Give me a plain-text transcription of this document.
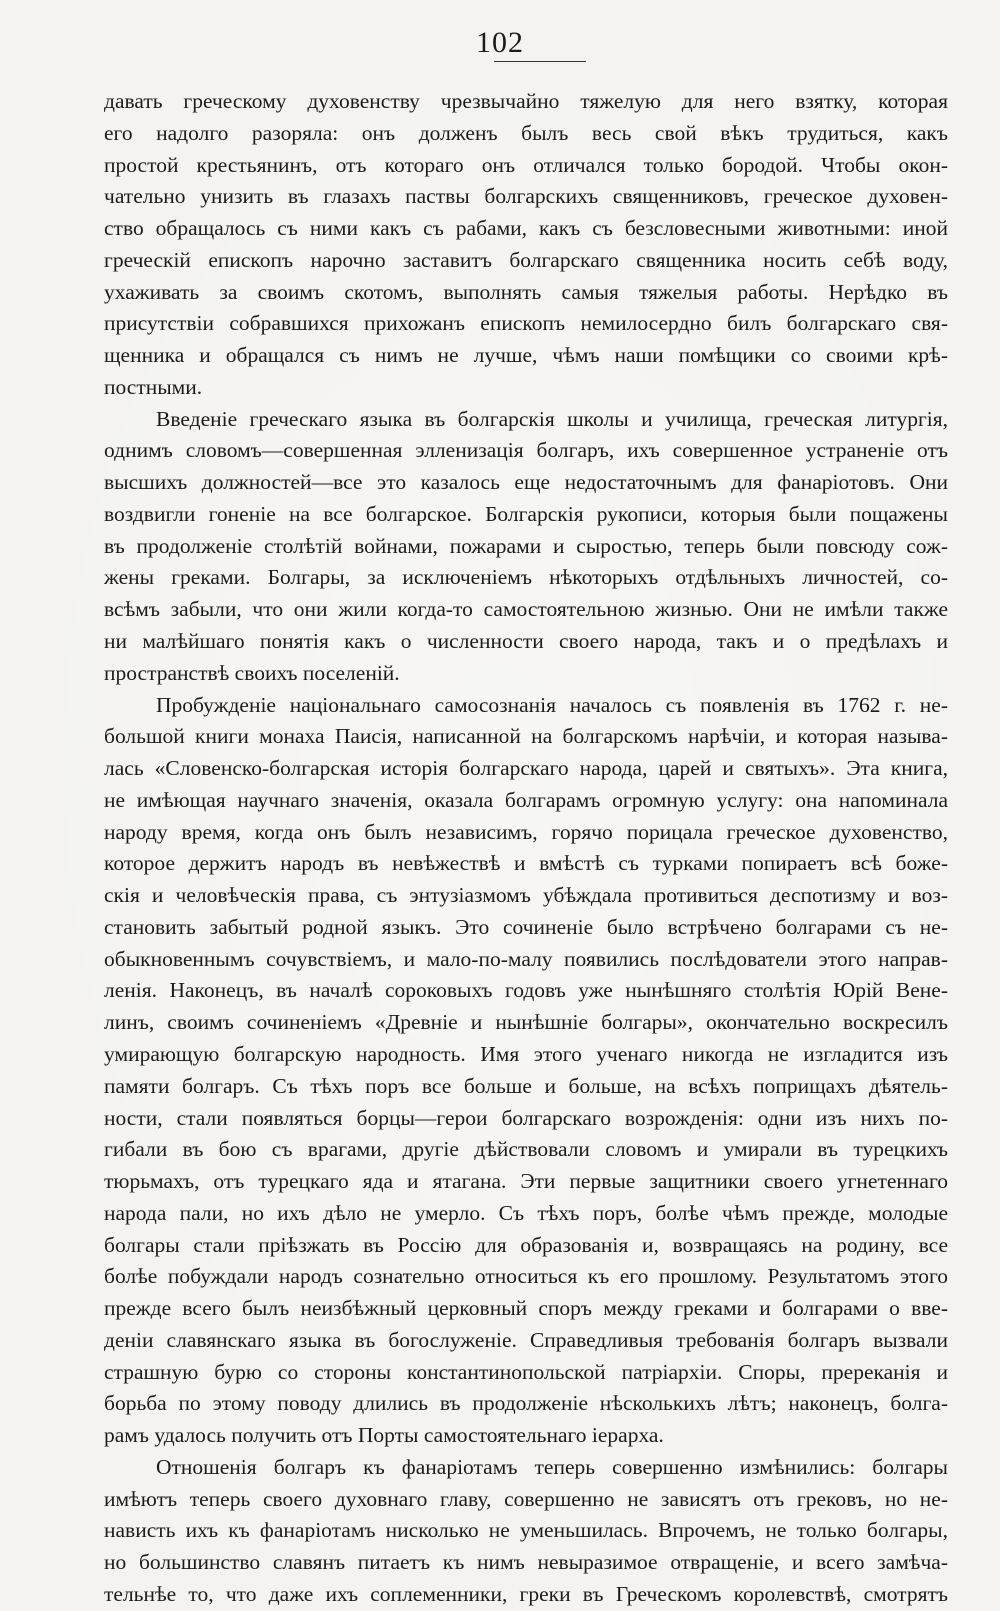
102
давать греческому духовенству чрезвычайно тяжелую для него взятку, которая
его надолго разоряла: онъ долженъ былъ весь свой вѣкъ трудиться, какъ
простой крестьянинъ, отъ котораго онъ отличался только бородой. Чтобы окон-
чательно унизить въ глазахъ паствы болгарскихъ священниковъ, греческое духовен-
ство обращалось съ ними какъ съ рабами, какъ съ безсловесными животными: иной
греческій епископъ нарочно заставитъ болгарскаго священника носить себѣ воду,
ухаживать за своимъ скотомъ, выполнять самыя тяжелыя работы. Нерѣдко въ
присутствіи собравшихся прихожанъ епископъ немилосердно билъ болгарскаго свя-
щенника и обращался съ нимъ не лучше, чѣмъ наши помѣщики со своими крѣ-
постными.
Введеніе греческаго языка въ болгарскія школы и училища, греческая литургія,
однимъ словомъ—совершенная элленизація болгаръ, ихъ совершенное устраненіе отъ
высшихъ должностей—все это казалось еще недостаточнымъ для фанаріотовъ. Они
воздвигли гоненіе на все болгарское. Болгарскія рукописи, которыя были пощажены
въ продолженіе столѣтій войнами, пожарами и сыростью, теперь были повсюду сож-
жены греками. Болгары, за исключеніемъ нѣкоторыхъ отдѣльныхъ личностей, со-
всѣмъ забыли, что они жили когда-то самостоятельною жизнью. Они не имѣли также
ни малѣйшаго понятія какъ о численности своего народа, такъ и о предѣлахъ и
пространствѣ своихъ поселеній.
Пробужденіе національнаго самосознанія началось съ появленія въ 1762 г. не-
большой книги монаха Паисія, написанной на болгарскомъ нарѣчіи, и которая называ-
лась «Словенско-болгарская исторія болгарскаго народа, царей и святыхъ». Эта книга,
не имѣющая научнаго значенія, оказала болгарамъ огромную услугу: она напоминала
народу время, когда онъ былъ независимъ, горячо порицала греческое духовенство,
которое держитъ народъ въ невѣжествѣ и вмѣстѣ съ турками попираетъ всѣ боже-
скія и человѣческія права, съ энтузіазмомъ убѣждала противиться деспотизму и воз-
становить забытый родной языкъ. Это сочиненіе было встрѣчено болгарами съ не-
обыкновеннымъ сочувствіемъ, и мало-по-малу появились послѣдователи этого направ-
ленія. Наконецъ, въ началѣ сороковыхъ годовъ уже нынѣшняго столѣтія Юрій Вене-
линъ, своимъ сочиненіемъ «Древніе и нынѣшніе болгары», окончательно воскресилъ
умирающую болгарскую народность. Имя этого ученаго никогда не изгладится изъ
памяти болгаръ. Съ тѣхъ поръ все больше и больше, на всѣхъ поприщахъ дѣятель-
ности, стали появляться борцы—герои болгарскаго возрожденія: одни изъ нихъ по-
гибали въ бою съ врагами, другіе дѣйствовали словомъ и умирали въ турецкихъ
тюрьмахъ, отъ турецкаго яда и ятагана. Эти первые защитники своего угнетеннаго
народа пали, но ихъ дѣло не умерло. Съ тѣхъ поръ, болѣе чѣмъ прежде, молодые
болгары стали пріѣзжать въ Россію для образованія и, возвращаясь на родину, все
болѣе побуждали народъ сознательно относиться къ его прошлому. Результатомъ этого
прежде всего былъ неизбѣжный церковный споръ между греками и болгарами о вве-
деніи славянскаго языка въ богослуженіе. Справедливыя требованія болгаръ вызвали
страшную бурю со стороны константинопольской патріархіи. Споры, пререканія и
борьба по этому поводу длились въ продолженіе нѣсколькихъ лѣтъ; наконецъ, болга-
рамъ удалось получить отъ Порты самостоятельнаго іерарха.
Отношенія болгаръ къ фанаріотамъ теперь совершенно измѣнились: болгары
имѣютъ теперь своего духовнаго главу, совершенно не зависятъ отъ грековъ, но не-
нависть ихъ къ фанаріотамъ нисколько не уменьшилась. Впрочемъ, не только болгары,
но большинство славянъ питаетъ къ нимъ невыразимое отвращеніе, и всего замѣча-
тельнѣе то, что даже ихъ соплеменники, греки въ Греческомъ королевствѣ, смотрятъ
